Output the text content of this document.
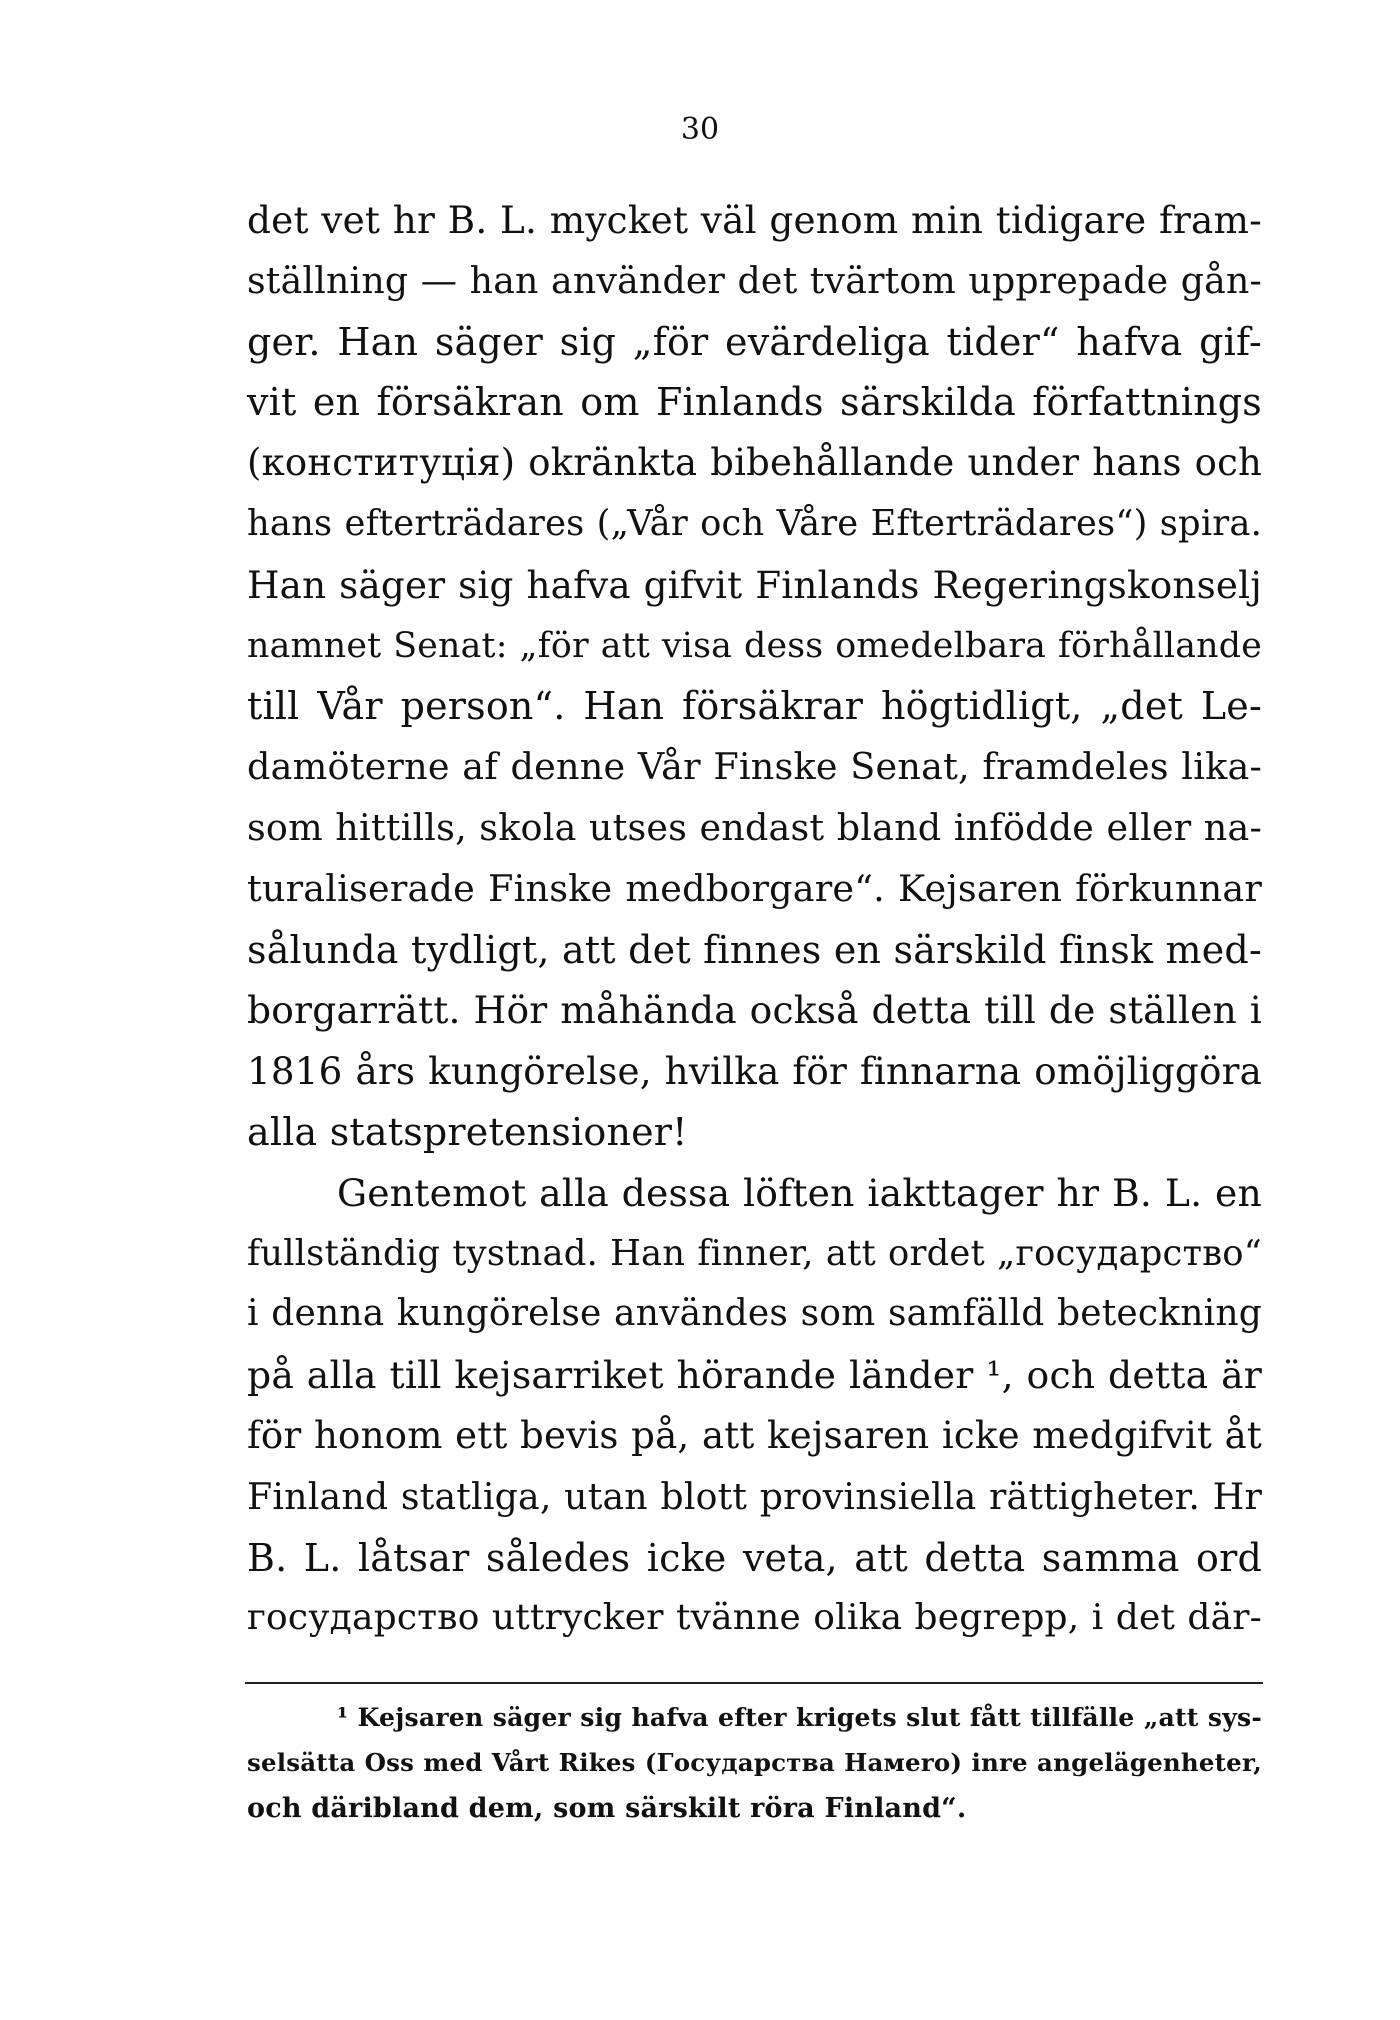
30
det vet hr B. L. mycket väl genom min tidigare fram-
ställning — han använder det tvärtom upprepade gån-
ger. Han säger sig „för evärdeliga tider“ hafva gif-
vit en försäkran om Finlands särskilda författnings
(конституція) okränkta bibehållande under hans och
hans efterträdares („Vår och Våre Efterträdares“) spira.
Han säger sig hafva gifvit Finlands Regeringskonselj
namnet Senat: „för att visa dess omedelbara förhållande
till Vår person“. Han försäkrar högtidligt, „det Le-
damöterne af denne Vår Finske Senat, framdeles lika-
som hittills, skola utses endast bland infödde eller na-
turaliserade Finske medborgare“. Kejsaren förkunnar
sålunda tydligt, att det finnes en särskild finsk med-
borgarrätt. Hör måhända också detta till de ställen i
1816 års kungörelse, hvilka för finnarna omöjliggöra
alla statspretensioner!
Gentemot alla dessa löften iakttager hr B. L. en
fullständig tystnad. Han finner, att ordet „государство“
i denna kungörelse användes som samfälld beteckning
på alla till kejsarriket hörande länder ¹, och detta är
för honom ett bevis på, att kejsaren icke medgifvit åt
Finland statliga, utan blott provinsiella rättigheter. Hr
B. L. låtsar således icke veta, att detta samma ord
государство uttrycker tvänne olika begrepp, i det där-
¹ Kejsaren säger sig hafva efter krigets slut fått tillfälle „att sys-
selsätta Oss med Vårt Rikes (Государства Hамero) inre angelägenheter,
och däribland dem, som särskilt röra Finland“.
